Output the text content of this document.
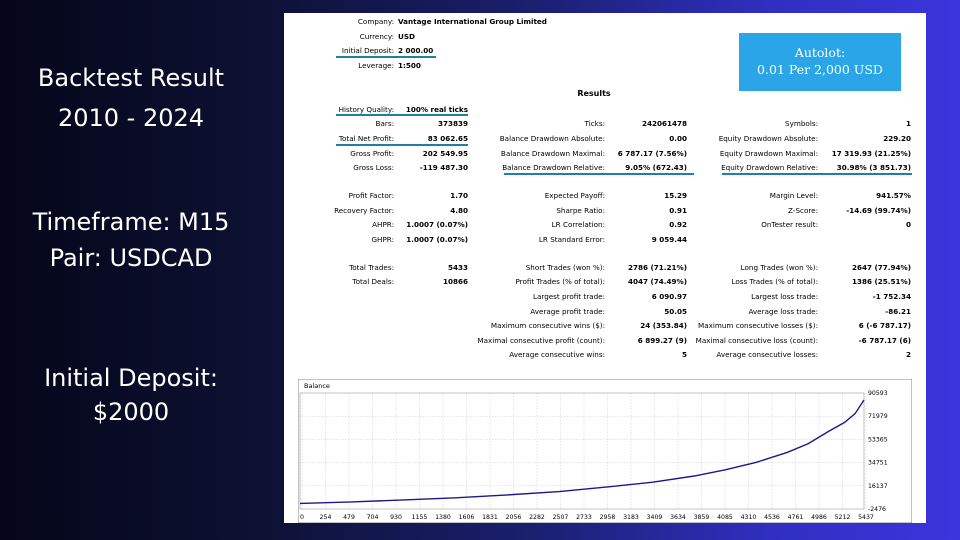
Backtest Result
2010 - 2024
Timeframe: M15
Pair: USDCAD
Initial Deposit:
$2000
Company: Vantage International Group Limited
Currency: USD
Initial Deposit: 2 000.00
Leverage: 1:500
History Quality: 100% real ticks
Bars:	373839
Total Net Profit:	83 062.65
Gross Profit:	202 549.95
Gross Loss:	-119 487.30
Profit Factor:	1.70
Recovery Factor:	4.80
AHPR: 1.0007 (0.07%)
GHPR: 1.0007 (0.07%)
Total Trades:	5433
Total Deals:	10866
Ticks:	242061478
Balance Drawdown Absolute:	0.00
Balance Drawdown Maximal: 6 787.17 (7.56%)
Balance Drawdown Relative:	9.05% (672.43)
Expected Payoff:	15.29
Sharpe Ratio:	0.91
LR Correlation:	0.92
LR Standard Error:	9 059.44
Short Trades (won %):	2786 (71.21%)
Profit Trades (% of total):	4047 (74.49%)
Largest profit trade:	6 090.97
Average profit trade:	50.05
Maximum consecutive wins ($):	24 (353.84)
Maximal consecutive profit (count):	6 899.27 (9)
Average consecutive wins:	5
Symbols:	1
Equity Drawdown Absolute:	229.20
Equity Drawdown Maximal: 17 319.93 (21.25%)
Equity Drawdown Relative:	30.98% (3 851.73)
Margin Level:	941.57%
Z-Score:	-14.69 (99.74%)
OnTester result:	0
Long Trades (won %):	2647 (77.94%)
Loss Trades (% of total):	1386 (25.51%)
Largest loss trade:	-1 752.34
Average loss trade:	-86.21
Maximum consecutive losses ($):	6 (-6 787.17)
Maximal consecutive loss (count):	-6 787.17 (6)
Average consecutive losses:	2
Autolot:
0.01 Per 2,000 USD
Results
Balance
0	254 479 704 930 1155 1380 1606 1831 2056 2282 2507 2733 2958 3183 3409 3634 3859 4085 4310 4536 4761 4986 5212 5437
90593
71979
53365
34751
16137
-2476
